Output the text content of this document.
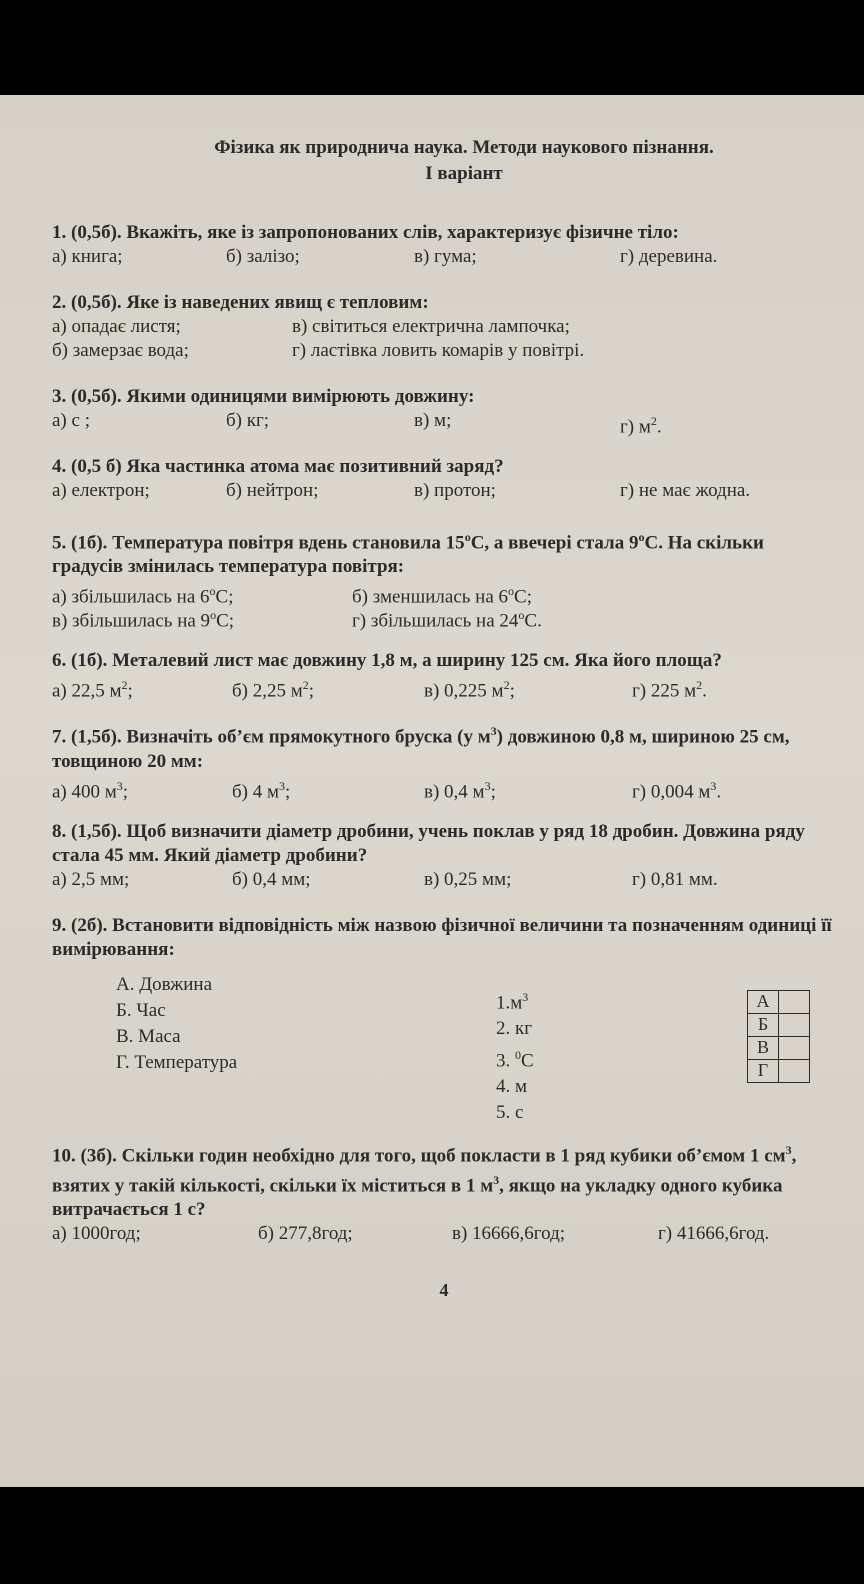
Фізика як природнича наука. Методи наукового пізнання.
І варіант
1. (0,5б). Вкажіть, яке із запропонованих слів, характеризує фізичне тіло:
а) книга;	б) залізо;	в) гума;	г) деревина.
2. (0,5б). Яке із наведених явищ є тепловим:
а) опадає листя;	в) світиться електрична лампочка;
б) замерзає вода;	г) ластівка ловить комарів у повітрі.
3. (0,5б). Якими одиницями вимірюють довжину:
а) с ;	б) кг;	в) м;	г) $м^2$.
4. (0,5 б) Яка частинка атома має позитивний заряд?
а) електрон;	б) нейтрон;	в) протон;	г) не має жодна.
5. (1б). Температура повітря вдень становила 15$^o$С, а ввечері стала 9$^o$С. На скільки градусів змінилась температура повітря:
а) збільшилась на 6$^o$С;	б) зменшилась на 6$^o$С;
в) збільшилась на 9$^o$С;	г) збільшилась на 24$^o$С.
6. (1б). Металевий лист має довжину 1,8 м, а ширину 125 см. Яка його площа?
а) 22,5 $м^2$;	б) 2,25 $м^2$;	в) 0,225 $м^2$;	г) 225 $м^2$.
7. (1,5б). Визначіть об’єм прямокутного бруска (у $м^3$) довжиною 0,8 м, шириною 25 см, товщиною 20 мм:
а) 400 $м^3$;	б) 4 $м^3$;	в) 0,4 $м^3$;	г) 0,004 $м^3$.
8. (1,5б). Щоб визначити діаметр дробини, учень поклав у ряд 18 дробин. Довжина ряду стала 45 мм. Який діаметр дробини?
а) 2,5 мм;	б) 0,4 мм;	в) 0,25 мм;	г) 0,81 мм.
9. (2б). Встановити відповідність між назвою фізичної величини та позначенням одиниці її вимірювання:
А. Довжина
Б. Час
В. Маса
Г. Температура
$1.м^3$
2. кг
3. $^0$С
4. м
5. с
А	
Б	
В	
Г	
10. (3б). Скільки годин необхідно для того, щоб покласти в 1 ряд кубики об’ємом 1 $см^3$, взятих у такій кількості, скільки їх міститься в 1 $м^3$, якщо на укладку одного кубика витрачається 1 с?
а) 1000год;	б) 277,8год;	в) 16666,6год;	г) 41666,6год.
4
